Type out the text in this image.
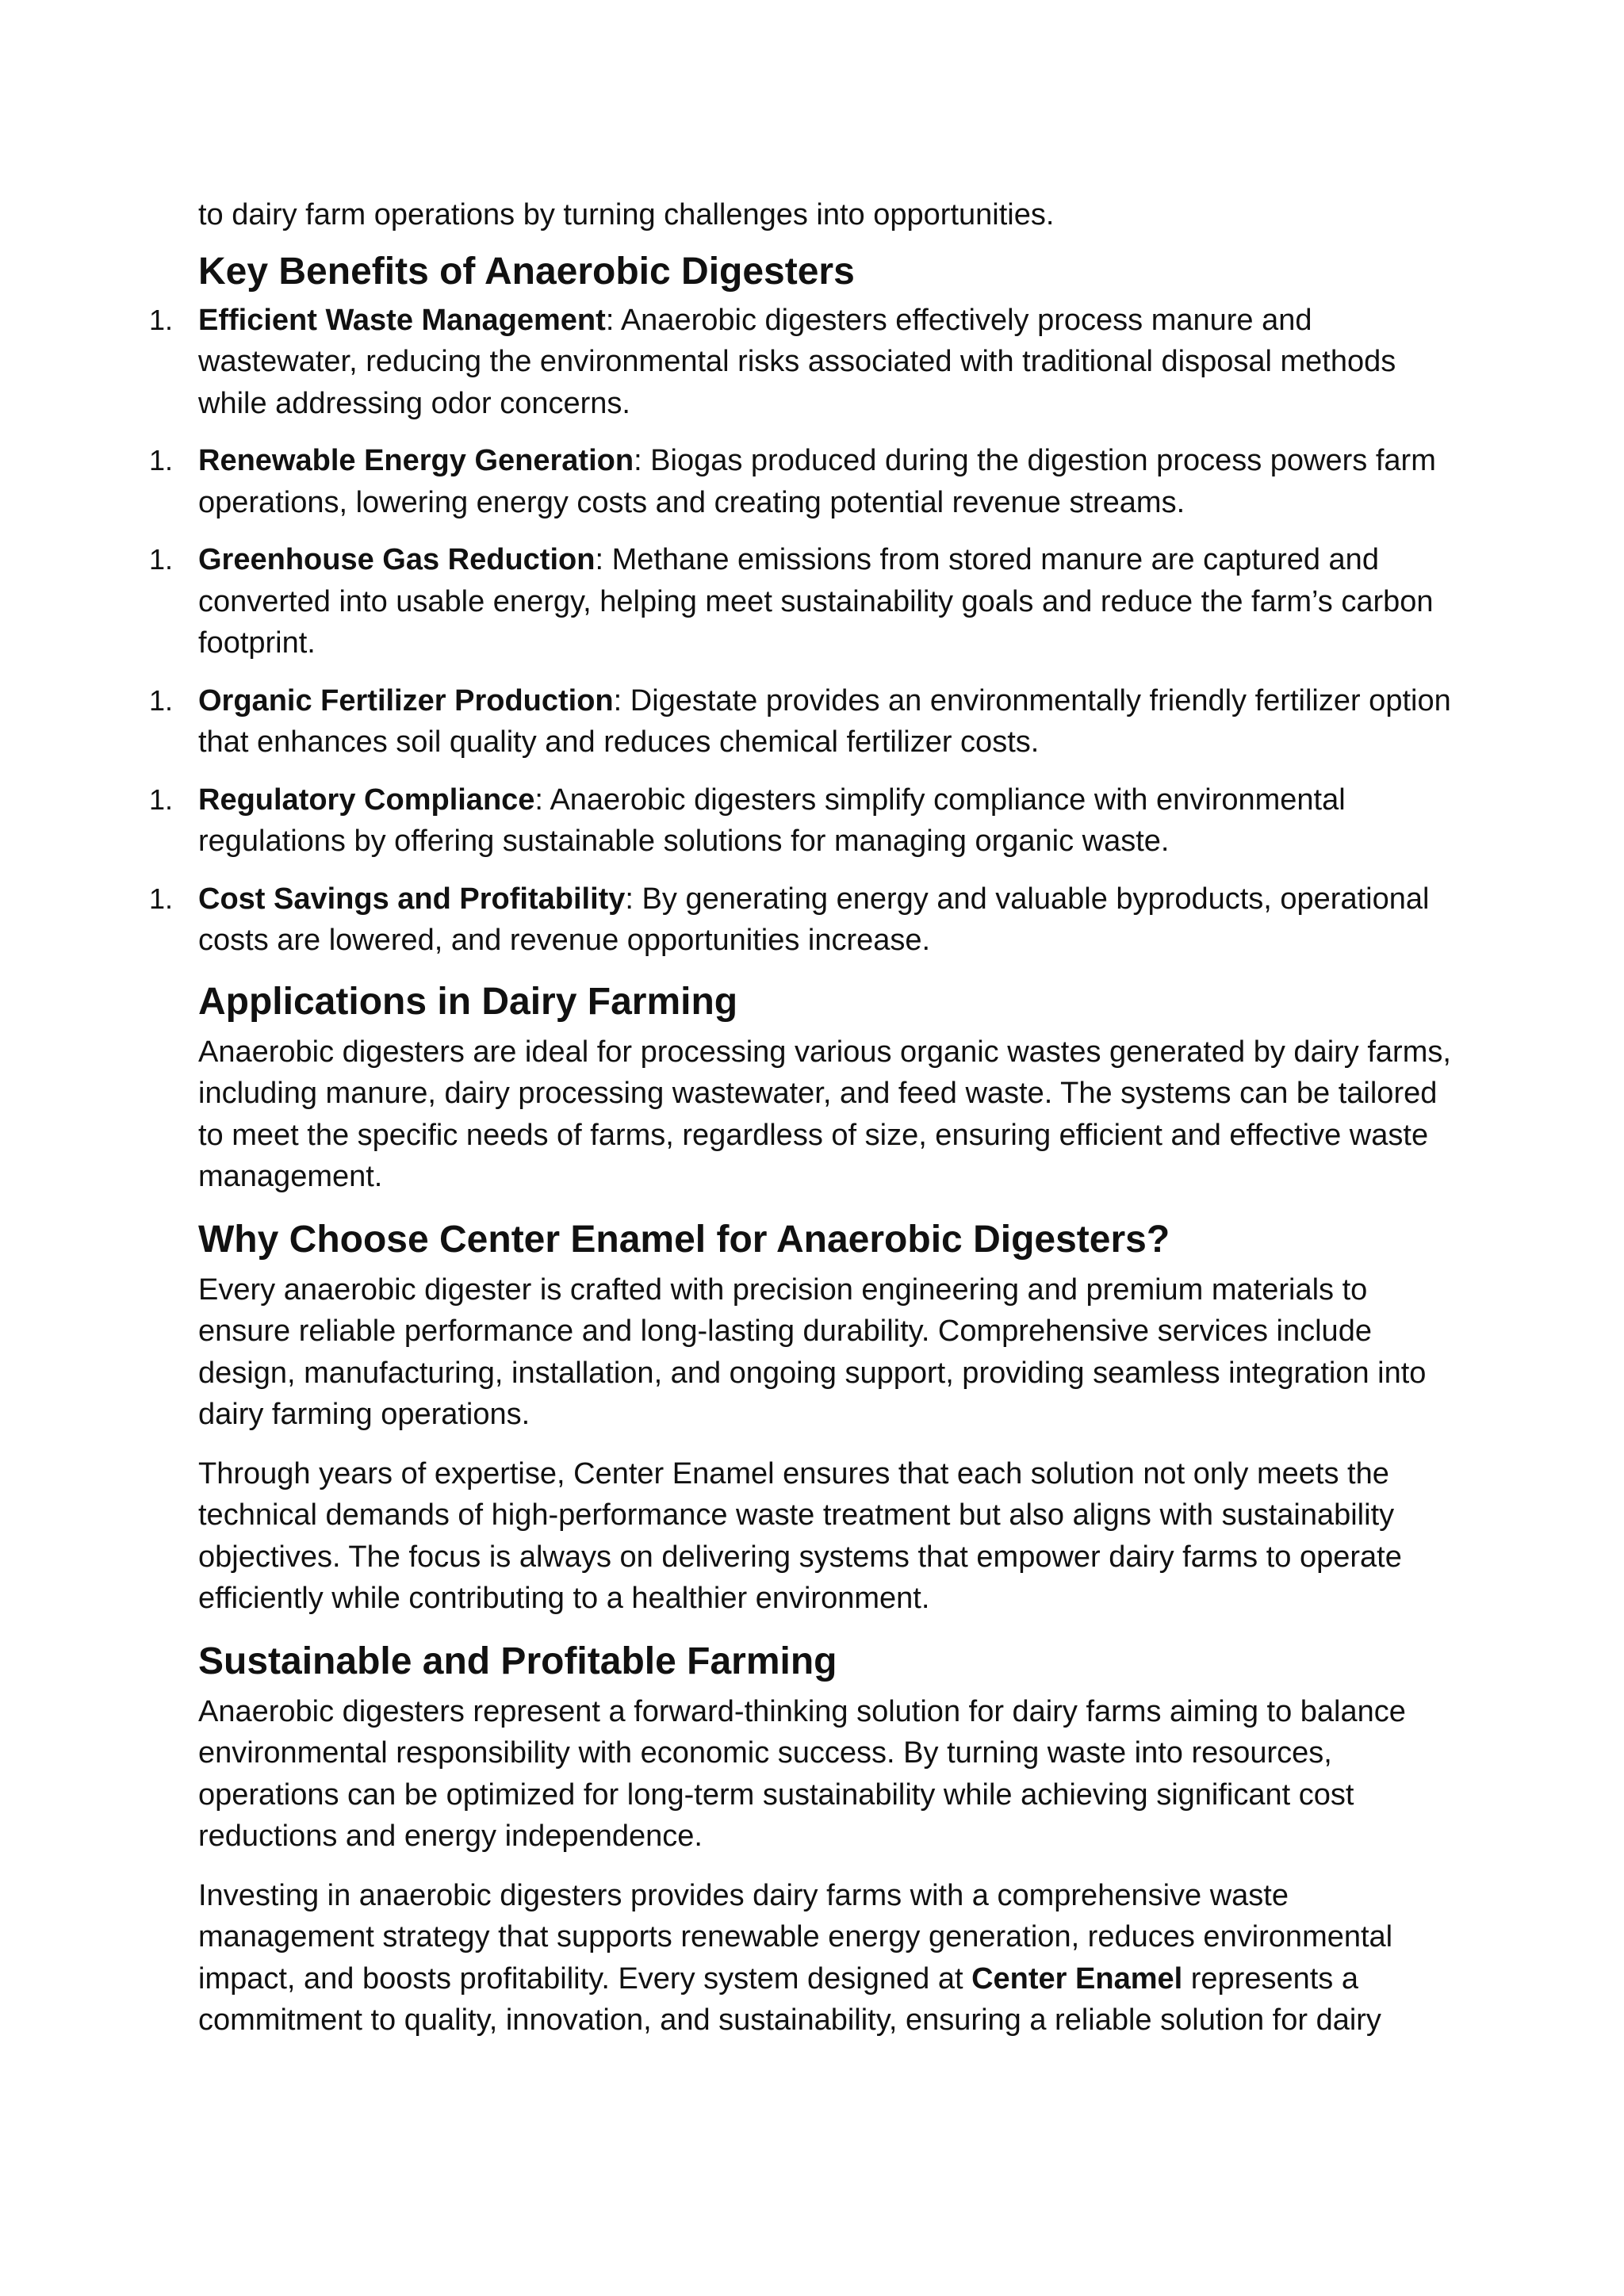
to dairy farm operations by turning challenges into opportunities.

Key Benefits of Anaerobic Digesters
1. Efficient Waste Management: Anaerobic digesters effectively process manure and wastewater, reducing the environmental risks associated with traditional disposal methods while addressing odor concerns.

1. Renewable Energy Generation: Biogas produced during the digestion process powers farm operations, lowering energy costs and creating potential revenue streams.

1. Greenhouse Gas Reduction: Methane emissions from stored manure are captured and converted into usable energy, helping meet sustainability goals and reduce the farm’s carbon footprint.

1. Organic Fertilizer Production: Digestate provides an environmentally friendly fertilizer option that enhances soil quality and reduces chemical fertilizer costs.

1. Regulatory Compliance: Anaerobic digesters simplify compliance with environmental regulations by offering sustainable solutions for managing organic waste.

1. Cost Savings and Profitability: By generating energy and valuable byproducts, operational costs are lowered, and revenue opportunities increase.

Applications in Dairy Farming

Anaerobic digesters are ideal for processing various organic wastes generated by dairy farms, including manure, dairy processing wastewater, and feed waste. The systems can be tailored to meet the specific needs of farms, regardless of size, ensuring efficient and effective waste management.

Why Choose Center Enamel for Anaerobic Digesters?

Every anaerobic digester is crafted with precision engineering and premium materials to ensure reliable performance and long-lasting durability. Comprehensive services include design, manufacturing, installation, and ongoing support, providing seamless integration into dairy farming operations.

Through years of expertise, Center Enamel ensures that each solution not only meets the technical demands of high-performance waste treatment but also aligns with sustainability objectives. The focus is always on delivering systems that empower dairy farms to operate efficiently while contributing to a healthier environment.

Sustainable and Profitable Farming

Anaerobic digesters represent a forward-thinking solution for dairy farms aiming to balance environmental responsibility with economic success. By turning waste into resources, operations can be optimized for long-term sustainability while achieving significant cost reductions and energy independence.

Investing in anaerobic digesters provides dairy farms with a comprehensive waste management strategy that supports renewable energy generation, reduces environmental impact, and boosts profitability. Every system designed at Center Enamel represents a commitment to quality, innovation, and sustainability, ensuring a reliable solution for dairy
